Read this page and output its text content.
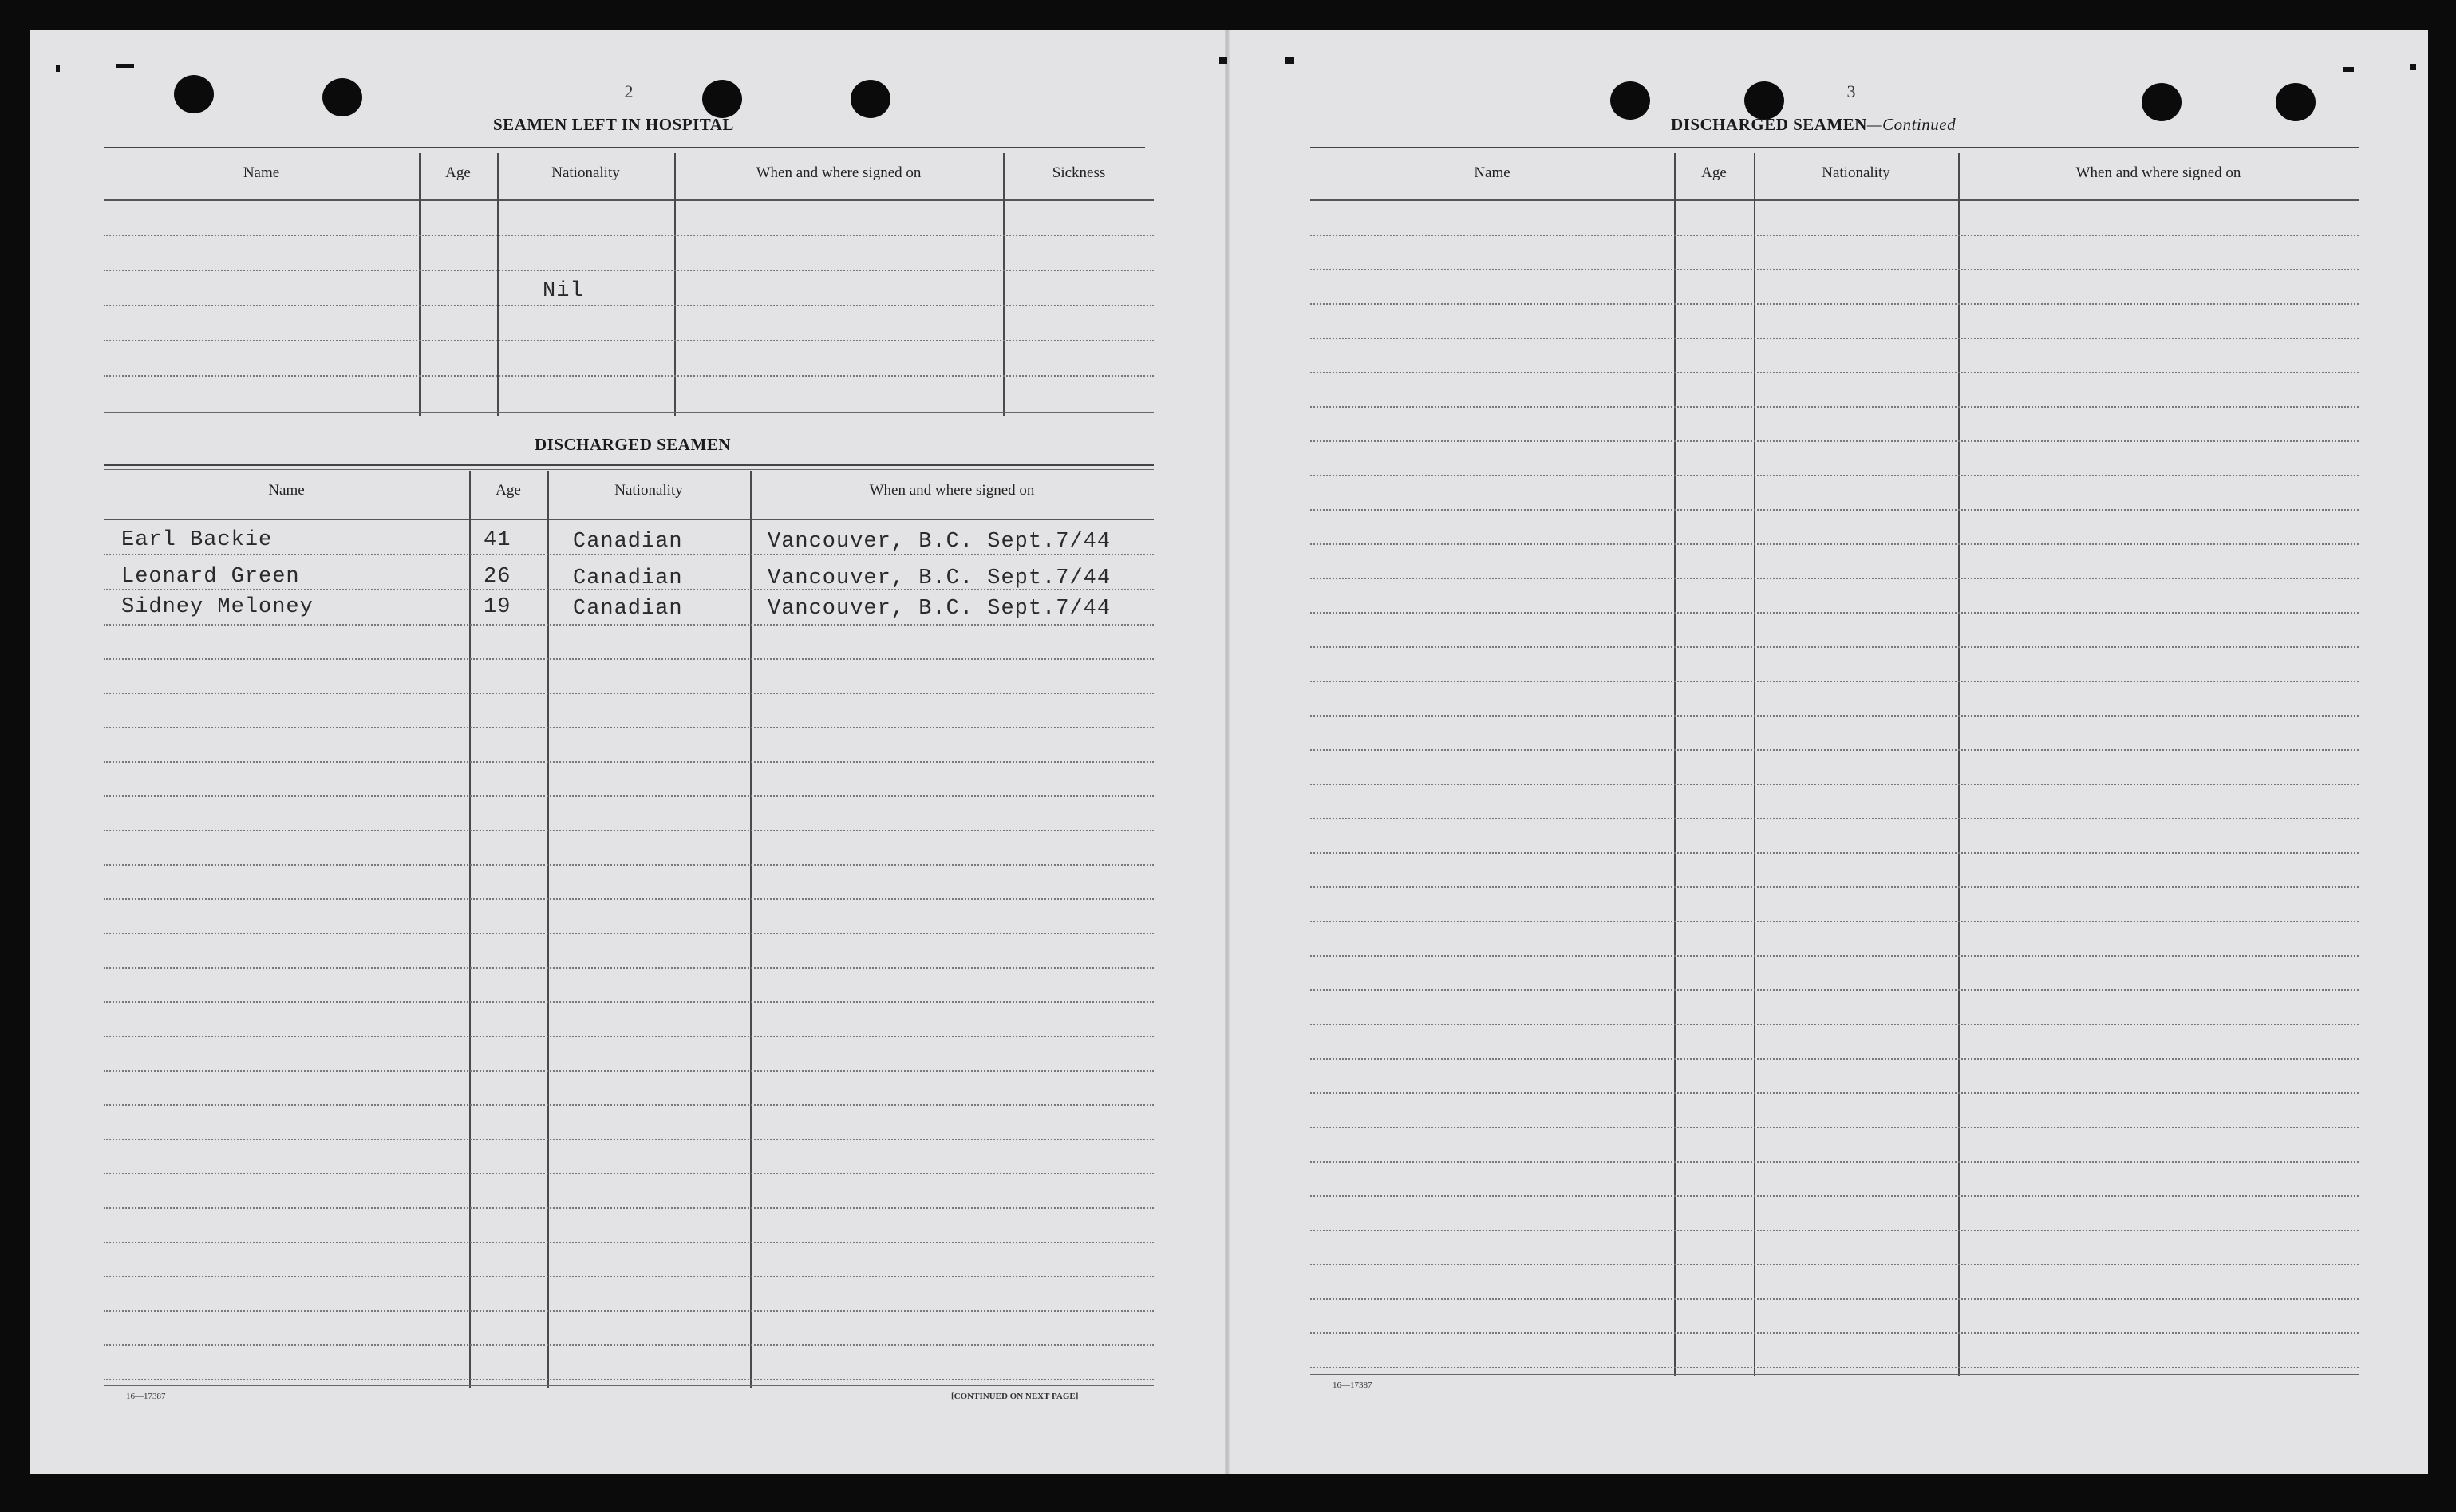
2
SEAMEN LEFT IN HOSPITAL
Name	Age	Nationality	When and where signed on	Sickness
Nil
DISCHARGED SEAMEN
Name	Age	Nationality	When and where signed on
Earl Backie	41	Canadian	Vancouver, B.C. Sept.7/44
Leonard Green	26	Canadian	Vancouver, B.C. Sept.7/44
Sidney Meloney	19	Canadian	Vancouver, B.C. Sept.7/44
16—17387	[CONTINUED ON NEXT PAGE]
3
DISCHARGED SEAMEN—Continued
Name	Age	Nationality	When and where signed on
16—17387
